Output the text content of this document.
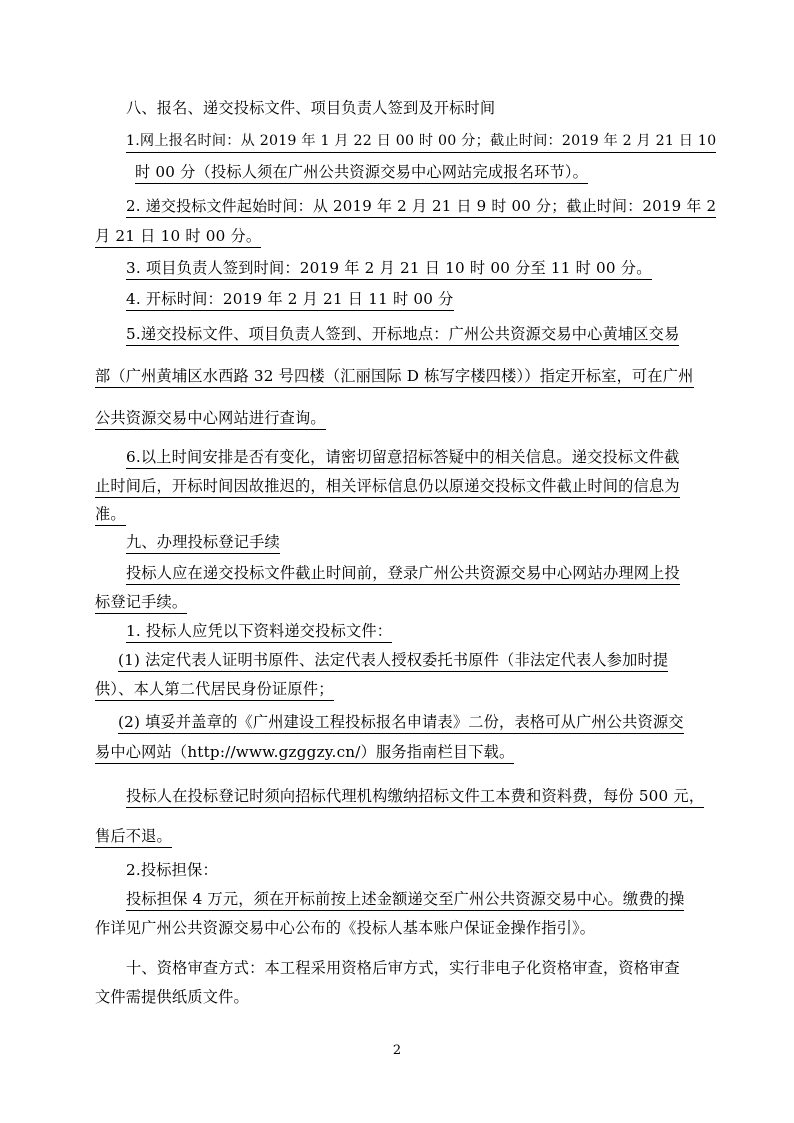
八、报名、递交投标文件、项目负责人签到及开标时间
1.网上报名时间：从 2019 年 1 月 22 日 00 时 00 分；截止时间：2019 年 2 月 21 日 10
时 00 分（投标人须在广州公共资源交易中心网站完成报名环节）。
2. 递交投标文件起始时间：从 2019 年 2 月 21 日 9 时 00 分；截止时间：2019 年 2
月 21 日 10 时 00 分。
3. 项目负责人签到时间：2019 年 2 月 21 日 10 时 00 分至 11 时 00 分。
4. 开标时间：2019 年 2 月 21 日 11 时 00 分
5.递交投标文件、项目负责人签到、开标地点：广州公共资源交易中心黄埔区交易
部（广州黄埔区水西路 32 号四楼（汇丽国际 D 栋写字楼四楼））指定开标室，可在广州
公共资源交易中心网站进行查询。
6.以上时间安排是否有变化，请密切留意招标答疑中的相关信息。递交投标文件截
止时间后，开标时间因故推迟的，相关评标信息仍以原递交投标文件截止时间的信息为
准。
九、办理投标登记手续
投标人应在递交投标文件截止时间前，登录广州公共资源交易中心网站办理网上投
标登记手续。
1. 投标人应凭以下资料递交投标文件：
(1) 法定代表人证明书原件、法定代表人授权委托书原件（非法定代表人参加时提
供）、本人第二代居民身份证原件；
(2) 填妥并盖章的《广州建设工程投标报名申请表》二份，表格可从广州公共资源交
易中心网站（http://www.gzggzy.cn/）服务指南栏目下载。
投标人在投标登记时须向招标代理机构缴纳招标文件工本费和资料费，每份 500 元，
售后不退。
2.投标担保：
投标担保 4 万元，须在开标前按上述金额递交至广州公共资源交易中心。缴费的操
作详见广州公共资源交易中心公布的《投标人基本账户保证金操作指引》。
十、资格审查方式：本工程采用资格后审方式，实行非电子化资格审查，资格审查
文件需提供纸质文件。
2
